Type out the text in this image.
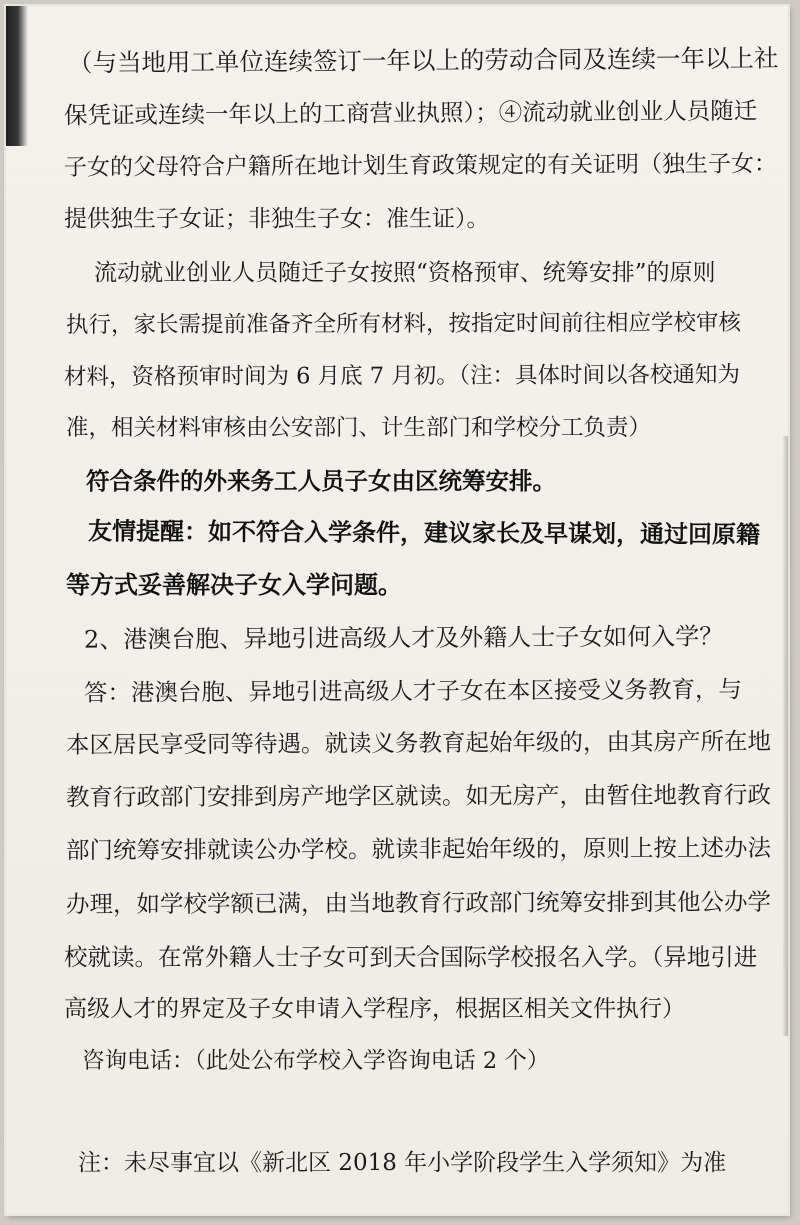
（与当地用工单位连续签订一年以上的劳动合同及连续一年以上社

保凭证或连续一年以上的工商营业执照）；④流动就业创业人员随迁

子女的父母符合户籍所在地计划生育政策规定的有关证明（独生子女：

提供独生子女证；非独生子女：准生证）。

流动就业创业人员随迁子女按照“资格预审、统筹安排”的原则

执行，家长需提前准备齐全所有材料，按指定时间前往相应学校审核

材料，资格预审时间为 6 月底 7 月初。（注：具体时间以各校通知为

准，相关材料审核由公安部门、计生部门和学校分工负责）

符合条件的外来务工人员子女由区统筹安排。

友情提醒：如不符合入学条件，建议家长及早谋划，通过回原籍

等方式妥善解决子女入学问题。

2、港澳台胞、异地引进高级人才及外籍人士子女如何入学？

答：港澳台胞、异地引进高级人才子女在本区接受义务教育，与

本区居民享受同等待遇。就读义务教育起始年级的，由其房产所在地

教育行政部门安排到房产地学区就读。如无房产，由暂住地教育行政

部门统筹安排就读公办学校。就读非起始年级的，原则上按上述办法

办理，如学校学额已满，由当地教育行政部门统筹安排到其他公办学

校就读。在常外籍人士子女可到天合国际学校报名入学。（异地引进

高级人才的界定及子女申请入学程序，根据区相关文件执行）

咨询电话：（此处公布学校入学咨询电话 2 个）

注：未尽事宜以《新北区 2018 年小学阶段学生入学须知》为准
